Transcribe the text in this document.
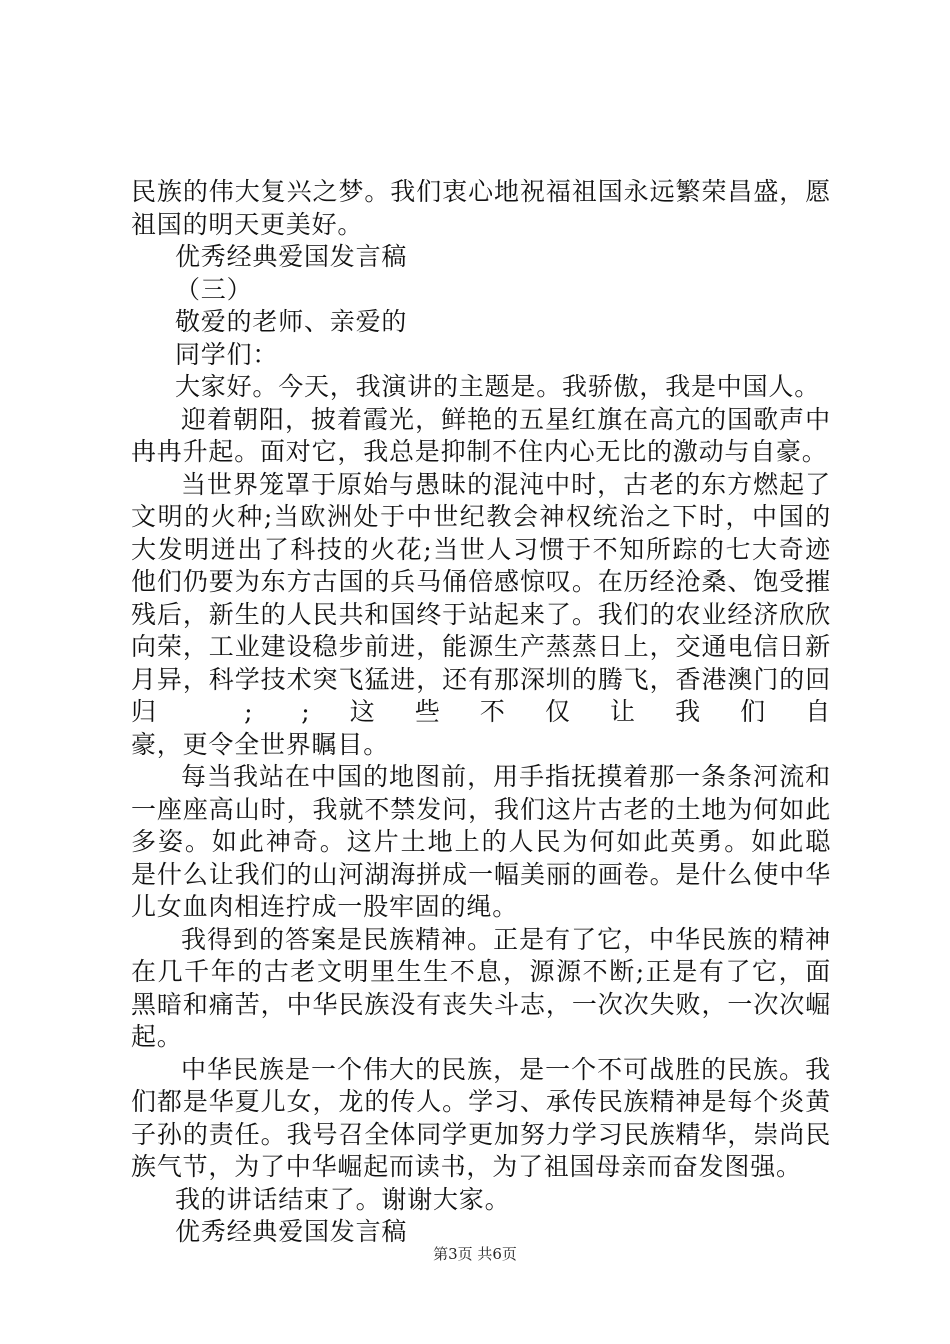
民族的伟大复兴之梦。我们衷心地祝福祖国永远繁荣昌盛，愿
祖国的明天更美好。
优秀经典爱国发言稿
（三）
敬爱的老师、亲爱的
同学们：
大家好。今天，我演讲的主题是。我骄傲，我是中国人。
迎着朝阳，披着霞光，鲜艳的五星红旗在高亢的国歌声中
冉冉升起。面对它，我总是抑制不住内心无比的激动与自豪。
当世界笼罩于原始与愚昧的混沌中时，古老的东方燃起了
文明的火种;当欧洲处于中世纪教会神权统治之下时，中国的
大发明迸出了科技的火花;当世人习惯于不知所踪的七大奇迹
他们仍要为东方古国的兵马俑倍感惊叹。在历经沧桑、饱受摧
残后，新生的人民共和国终于站起来了。我们的农业经济欣欣
向荣，工业建设稳步前进，能源生产蒸蒸日上，交通电信日新
月异，科学技术突飞猛进，还有那深圳的腾飞，香港澳门的回
归 ; ;这些不仅让我们自
豪，更令全世界瞩目。
每当我站在中国的地图前，用手指抚摸着那一条条河流和
一座座高山时，我就不禁发问，我们这片古老的土地为何如此
多姿。如此神奇。这片土地上的人民为何如此英勇。如此聪
是什么让我们的山河湖海拼成一幅美丽的画卷。是什么使中华
儿女血肉相连拧成一股牢固的绳。
我得到的答案是民族精神。正是有了它，中华民族的精神
在几千年的古老文明里生生不息，源源不断;正是有了它，面
黑暗和痛苦，中华民族没有丧失斗志，一次次失败，一次次崛
起。
中华民族是一个伟大的民族，是一个不可战胜的民族。我
们都是华夏儿女，龙的传人。学习、承传民族精神是每个炎黄
子孙的责任。我号召全体同学更加努力学习民族精华，崇尚民
族气节，为了中华崛起而读书，为了祖国母亲而奋发图强。
我的讲话结束了。谢谢大家。
优秀经典爱国发言稿
第3页 共6页
